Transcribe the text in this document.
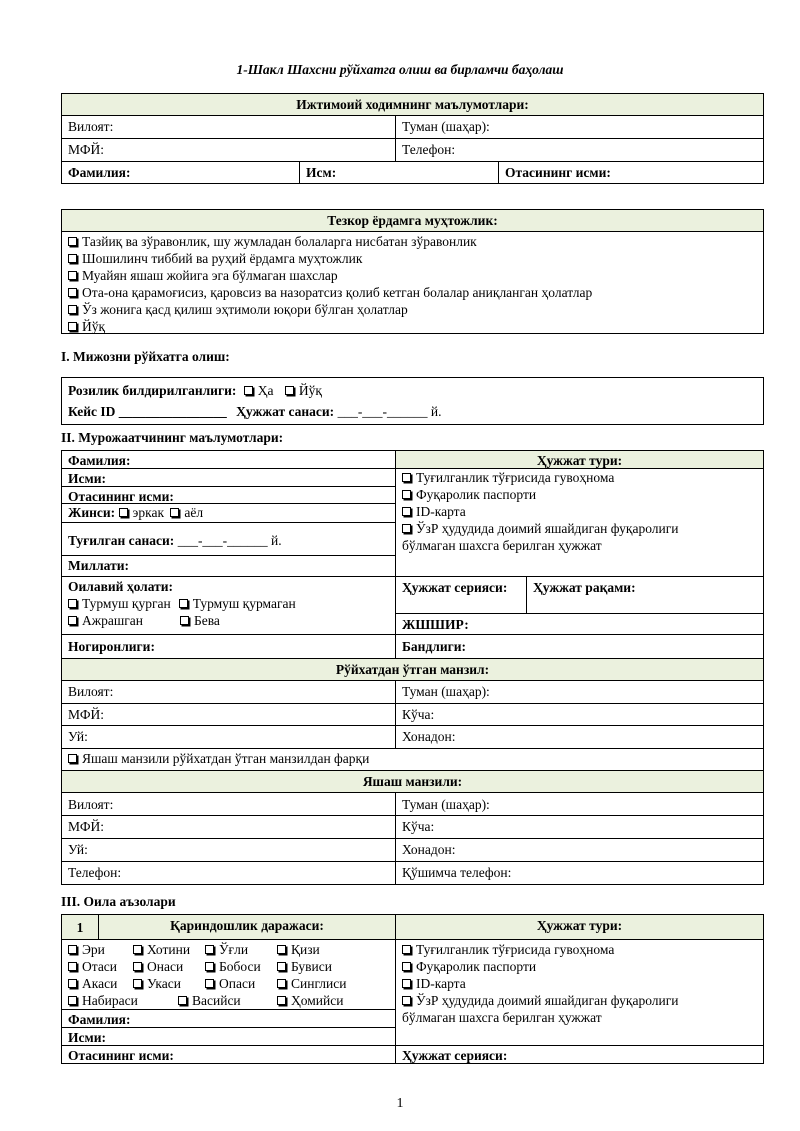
1-Шакл Шахсни рўйхатга олиш ва бирламчи баҳолаш
Ижтимоий ходимнинг маълумотлари:
Вилоят:	Туман (шаҳар):
МФЙ:	Телефон:
Фамилия:	Исм:	Отасининг исми:
Тезкор ёрдамга муҳтожлик:
Тазйиқ ва зўравонлик, шу жумладан болаларга нисбатан зўравонлик
Шошилинч тиббий ва руҳий ёрдамга муҳтожлик
Муайян яшаш жойига эга бўлмаган шахслар
Ота-она қарамоғисиз, қаровсиз ва назоратсиз қолиб кетган болалар аниқланган ҳолатлар
Ўз жонига қасд қилиш эҳтимоли юқори бўлган ҳолатлар
Йўқ
I. Мижозни рўйхатга олиш:
Розилик билдирилганлиги: Ҳа Йўқ
Кейс ID ________________ Ҳужжат санаси: ___-___-______ й.
II. Мурожаатчининг маълумотлари:
Ҳужжат тури:
Фамилия:
Исми:
Отасининг исми:
Жинси: эркак аёл
Туғилган санаси: ___-___-______ й.
Миллати:
Туғилганлик тўғрисида гувоҳнома
Фуқаролик паспорти
ID-карта
ЎзР ҳудудида доимий яшайдиган фуқаролиги
бўлмаган шахсга берилган ҳужжат
Оилавий ҳолати:
Турмуш қурган Турмуш қурмаган
Ажрашган	Бева
Ҳужжат серияси:	Ҳужжат рақами:
ЖШШИР:
Ногиронлиги:	Бандлиги:
Рўйхатдан ўтган манзил:
Вилоят:	Туман (шаҳар):
МФЙ:	Кўча:
Уй:	Хонадон:
Яшаш манзили рўйхатдан ўтган манзилдан фарқи
Яшаш манзили:
Вилоят:	Туман (шаҳар):
МФЙ:	Кўча:
Уй:	Хонадон:
Телефон:	Қўшимча телефон:
III. Оила аъзолари
1	Қариндошлик даражаси:	Ҳужжат тури:
Эри	Хотини	Ўғли	Қизи
Отаси	Онаси	Бобоси	Бувиси
Акаси	Укаси	Опаси	Синглиси
Набираси	Васийси	Ҳомийси
Туғилганлик тўғрисида гувоҳнома
Фуқаролик паспорти
ID-карта
ЎзР ҳудудида доимий яшайдиган фуқаролиги
бўлмаган шахсга берилган ҳужжат
Фамилия:
Исми:
Отасининг исми:	Ҳужжат серияси:
1
